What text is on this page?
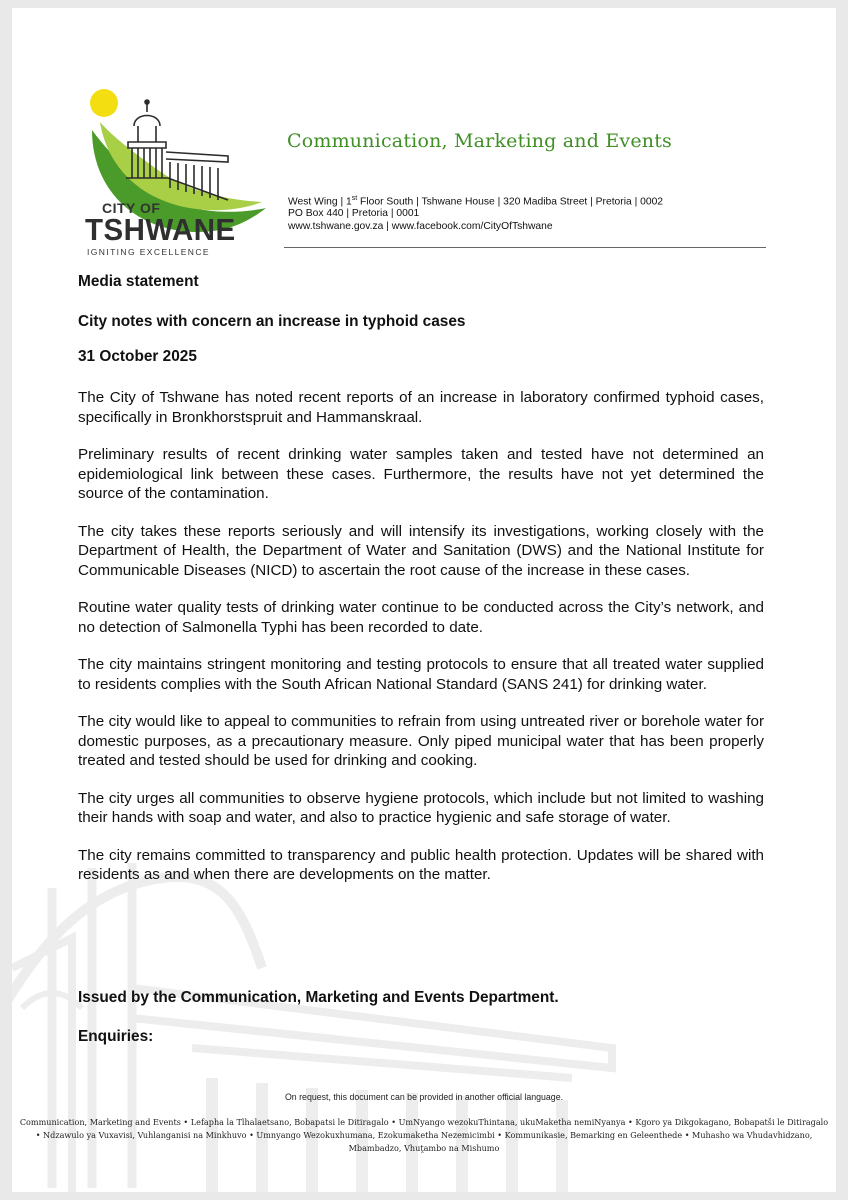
CITY OF
TSHWANE
IGNITING EXCELLENCE
Communication, Marketing and Events
West Wing | 1st Floor South | Tshwane House | 320 Madiba Street | Pretoria | 0002
PO Box 440 | Pretoria | 0001
www.tshwane.gov.za | www.facebook.com/CityOfTshwane
Media statement
City notes with concern an increase in typhoid cases
31 October 2025

The City of Tshwane has noted recent reports of an increase in laboratory confirmed typhoid cases, specifically in Bronkhorstspruit and Hammanskraal.

Preliminary results of recent drinking water samples taken and tested have not determined an epidemiological link between these cases. Furthermore, the results have not yet determined the source of the contamination.

The city takes these reports seriously and will intensify its investigations, working closely with the Department of Health, the Department of Water and Sanitation (DWS) and the National Institute for Communicable Diseases (NICD) to ascertain the root cause of the increase in these cases.

Routine water quality tests of drinking water continue to be conducted across the City’s network, and no detection of Salmonella Typhi has been recorded to date.

The city maintains stringent monitoring and testing protocols to ensure that all treated water supplied to residents complies with the South African National Standard (SANS 241) for drinking water.

The city would like to appeal to communities to refrain from using untreated river or borehole water for domestic purposes, as a precautionary measure. Only piped municipal water that has been properly treated and tested should be used for drinking and cooking.

The city urges all communities to observe hygiene protocols, which include but not limited to washing their hands with soap and water, and also to practice hygienic and safe storage of water.

The city remains committed to transparency and public health protection. Updates will be shared with residents as and when there are developments on the matter.

Issued by the Communication, Marketing and Events Department.
Enquiries:
On request, this document can be provided in another official language.
Communication, Marketing and Events • Lefapha la Tlhalaetsano, Bobapatsi le Ditiragalo • UmNyango wezokuThintana, ukuMaketha nemiNyanya • Kgoro ya Dikgokagano, Bobapatši le Ditiragalo
• Ndzawulo ya Vuxavisi, Vuhlanganisi na Minkhuvo • Umnyango Wezokuxhumana, Ezokumaketha Nezemicimbi • Kommunikasie, Bemarking en Geleenthede • Muhasho wa Vhudavhidzano,
Mbambadzo, Vhuṱambo na Mishumo
